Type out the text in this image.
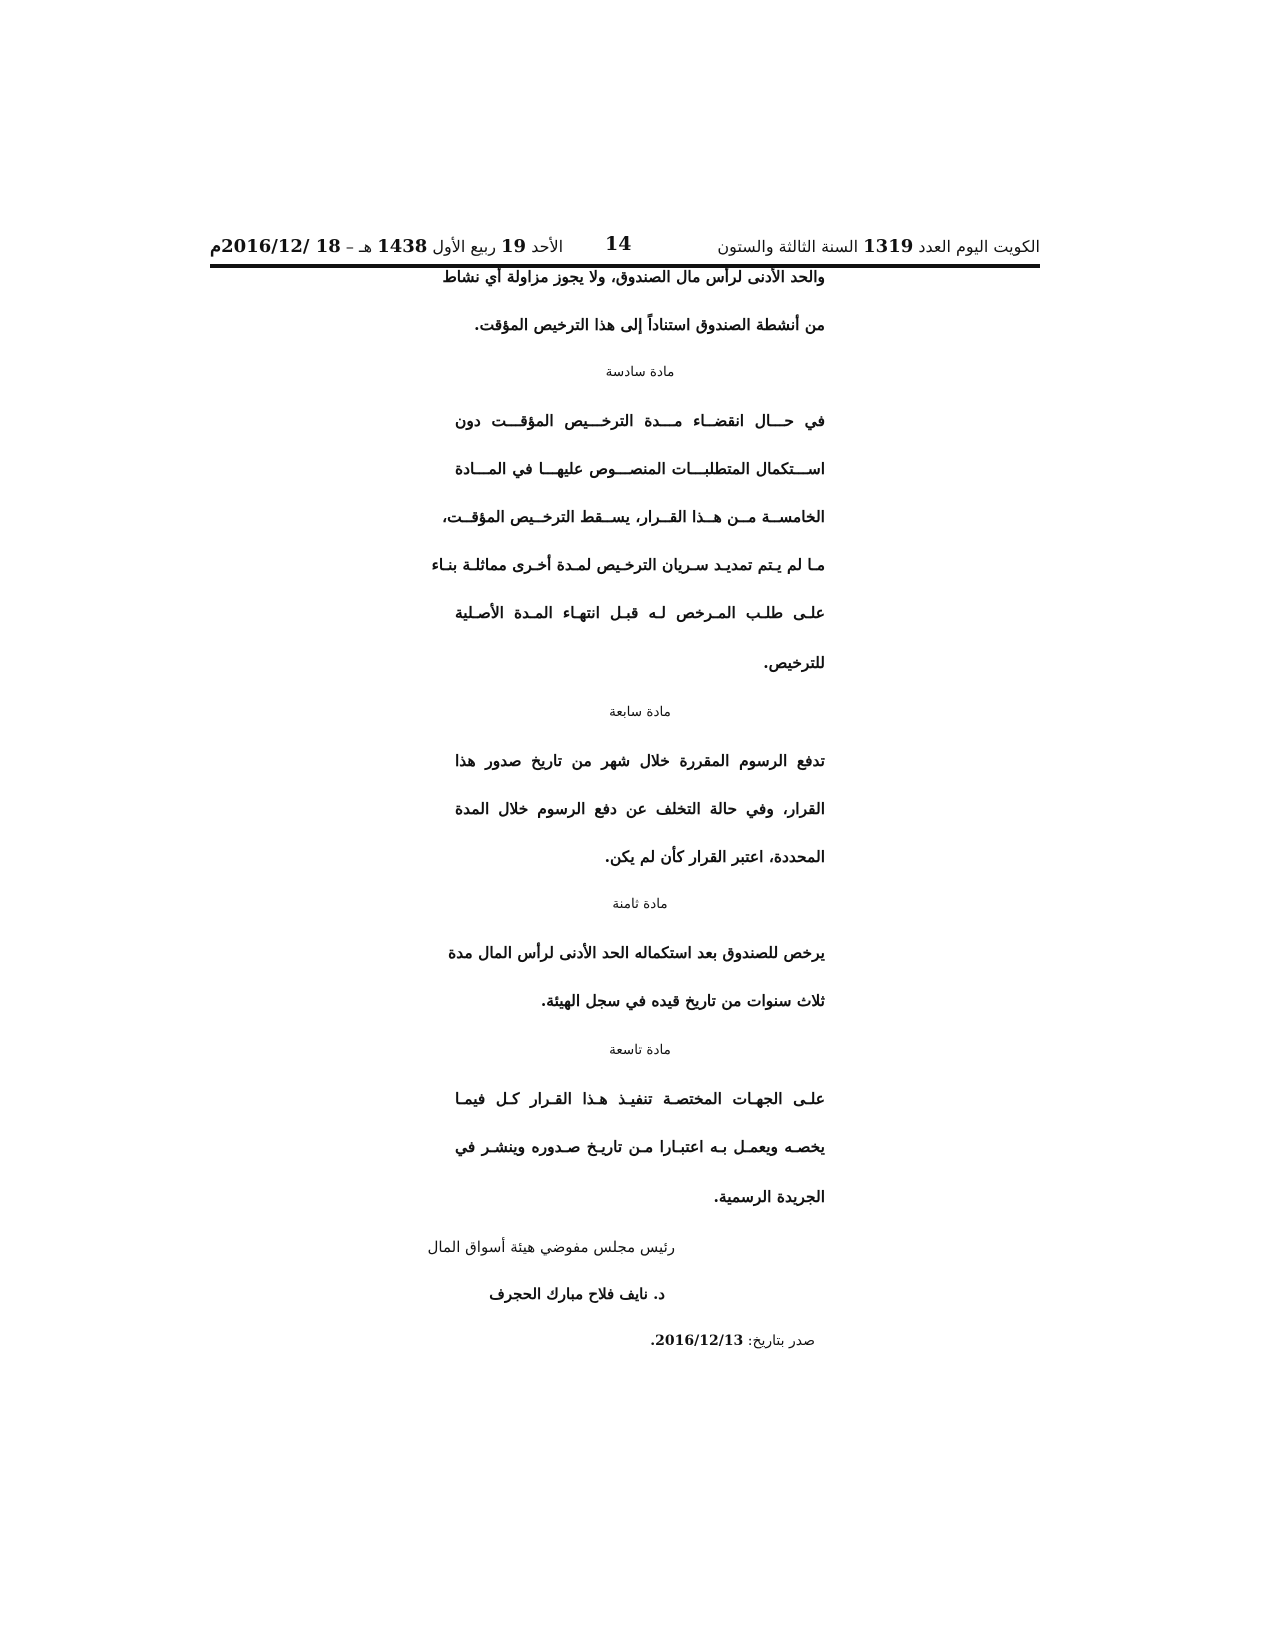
الكويت اليوم العدد 1319 السنة الثالثة والستون
14
الأحد 19 ربيع الأول 1438 هـ – 18 /2016/12م
والحد الأدنى لرأس مال الصندوق، ولا يجوز مزاولة أي نشاط
من أنشطة الصندوق استناداً إلى هذا الترخيص المؤقت.
مادة سادسة
في حـــال انقضــاء مـــدة الترخـــيص المؤقـــت دون
اســـتكمال المتطلبـــات المنصـــوص عليهـــا في المـــادة
الخامســة مــن هــذا القــرار، يســقط الترخــيص المؤقــت،
مـا لم يـتم تمديـد سـريان الترخـيص لمـدة أخـرى مماثلـة بنـاء
علـى طلـب المـرخص لـه قبـل انتهـاء المـدة الأصـلية
للترخيص.
مادة سابعة
تدفع الرسوم المقررة خلال شهر من تاريخ صدور هذا
القرار، وفي حالة التخلف عن دفع الرسوم خلال المدة
المحددة، اعتبر القرار كأن لم يكن.
مادة ثامنة
يرخص للصندوق بعد استكماله الحد الأدنى لرأس المال مدة
ثلاث سنوات من تاريخ قيده في سجل الهيئة.
مادة تاسعة
علـى الجهـات المختصـة تنفيـذ هـذا القـرار كـل فيمـا
يخصـه ويعمـل بـه اعتبـارا مـن تاريـخ صـدوره وينشـر في
الجريدة الرسمية.
رئيس مجلس مفوضي هيئة أسواق المال
د. نايف فلاح مبارك الحجرف
صدر بتاريخ: 2016/12/13.
